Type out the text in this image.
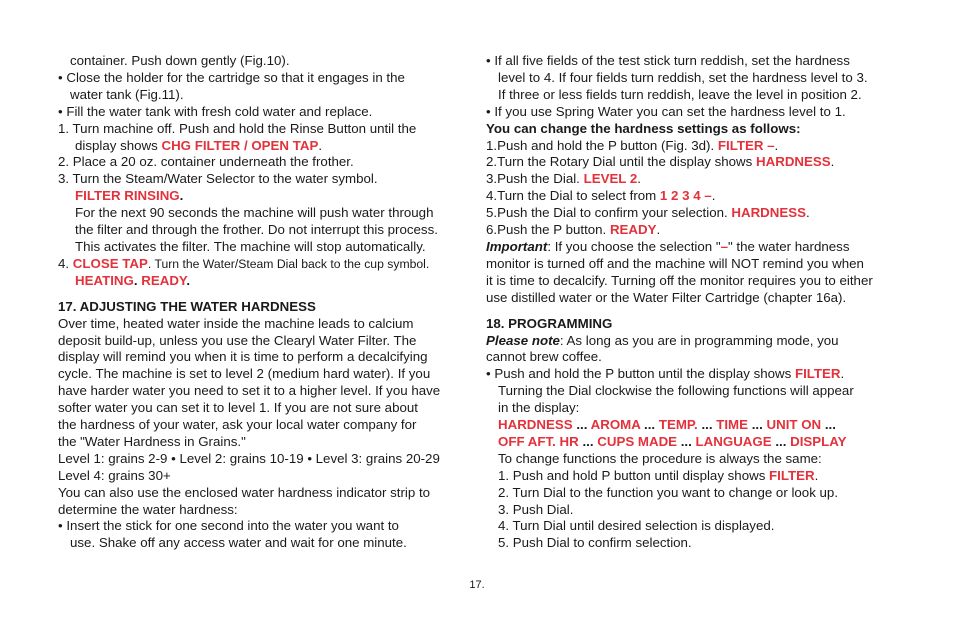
container. Push down gently (Fig.10).
• Close the holder for the cartridge so that it engages in the
water tank (Fig.11).
• Fill the water tank with fresh cold water and replace.
1. Turn machine off. Push and hold the Rinse Button until the
display shows CHG FILTER / OPEN TAP.
2. Place a 20 oz. container underneath the frother.
3. Turn the Steam/Water Selector to the water symbol.
FILTER RINSING.
For the next 90 seconds the machine will push water through
the filter and through the frother. Do not interrupt this process.
This activates the filter. The machine will stop automatically.
4. CLOSE TAP. Turn the Water/Steam Dial back to the cup symbol.
HEATING. READY.
17. ADJUSTING THE WATER HARDNESS
Over time, heated water inside the machine leads to calcium
deposit build-up, unless you use the Clearyl Water Filter. The
display will remind you when it is time to perform a decalcifying
cycle. The machine is set to level 2 (medium hard water). If you
have harder water you need to set it to a higher level. If you have
softer water you can set it to level 1. If you are not sure about
the hardness of your water, ask your local water company for
the "Water Hardness in Grains."
Level 1: grains 2-9 • Level 2: grains 10-19 • Level 3: grains 20-29
Level 4: grains 30+
You can also use the enclosed water hardness indicator strip to
determine the water hardness:
• Insert the stick for one second into the water you want to
use. Shake off any access water and wait for one minute.
• If all five fields of the test stick turn reddish, set the hardness
level to 4. If four fields turn reddish, set the hardness level to 3.
If three or less fields turn reddish, leave the level in position 2.
• If you use Spring Water you can set the hardness level to 1.
You can change the hardness settings as follows:
1.Push and hold the P button (Fig. 3d). FILTER –.
2.Turn the Rotary Dial until the display shows HARDNESS.
3.Push the Dial. LEVEL 2.
4.Turn the Dial to select from 1 2 3 4 –.
5.Push the Dial to confirm your selection. HARDNESS.
6.Push the P button. READY.
Important: If you choose the selection "–" the water hardness
monitor is turned off and the machine will NOT remind you when
it is time to decalcify. Turning off the monitor requires you to either
use distilled water or the Water Filter Cartridge (chapter 16a).
18. PROGRAMMING
Please note: As long as you are in programming mode, you
cannot brew coffee.
• Push and hold the P button until the display shows FILTER.
Turning the Dial clockwise the following functions will appear
in the display:
HARDNESS ... AROMA ... TEMP. ... TIME ... UNIT ON ...
OFF AFT. HR ... CUPS MADE ... LANGUAGE ... DISPLAY
To change functions the procedure is always the same:
1. Push and hold P button until display shows FILTER.
2. Turn Dial to the function you want to change or look up.
3. Push Dial.
4. Turn Dial until desired selection is displayed.
5. Push Dial to confirm selection.
17.
